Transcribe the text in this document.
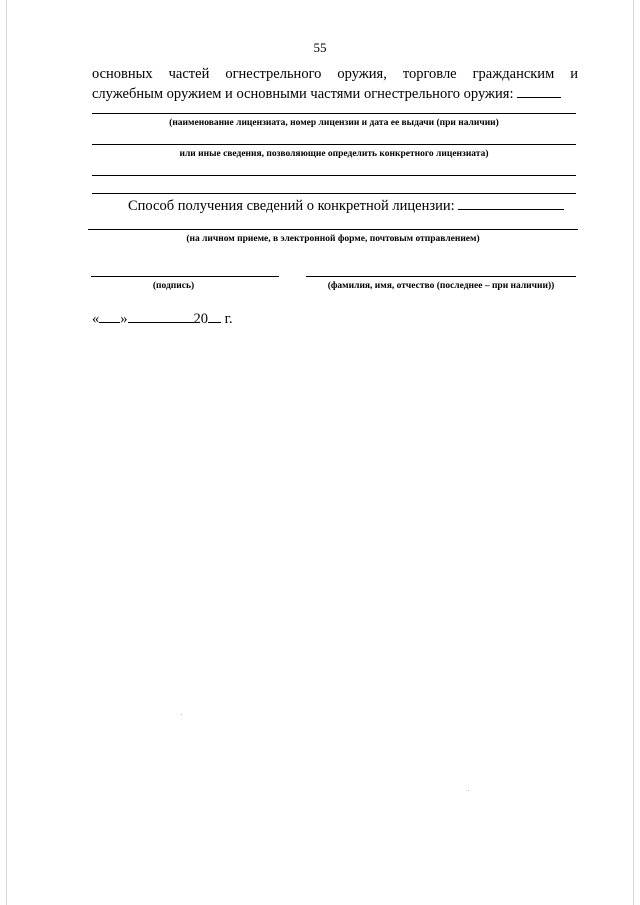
55
основных частей огнестрельного оружия, торговле гражданским и
служебным оружием и основными частями огнестрельного оружия:
(наименование лицензиата, номер лицензии и дата ее выдачи (при наличии)
или иные сведения, позволяющие определить конкретного лицензиата)
Способ получения сведений о конкретной лицензии:
(на личном приеме, в электронной форме, почтовым отправлением)
(подпись)	(фамилия, имя, отчество (последнее – при наличии))
« »	20 г.
